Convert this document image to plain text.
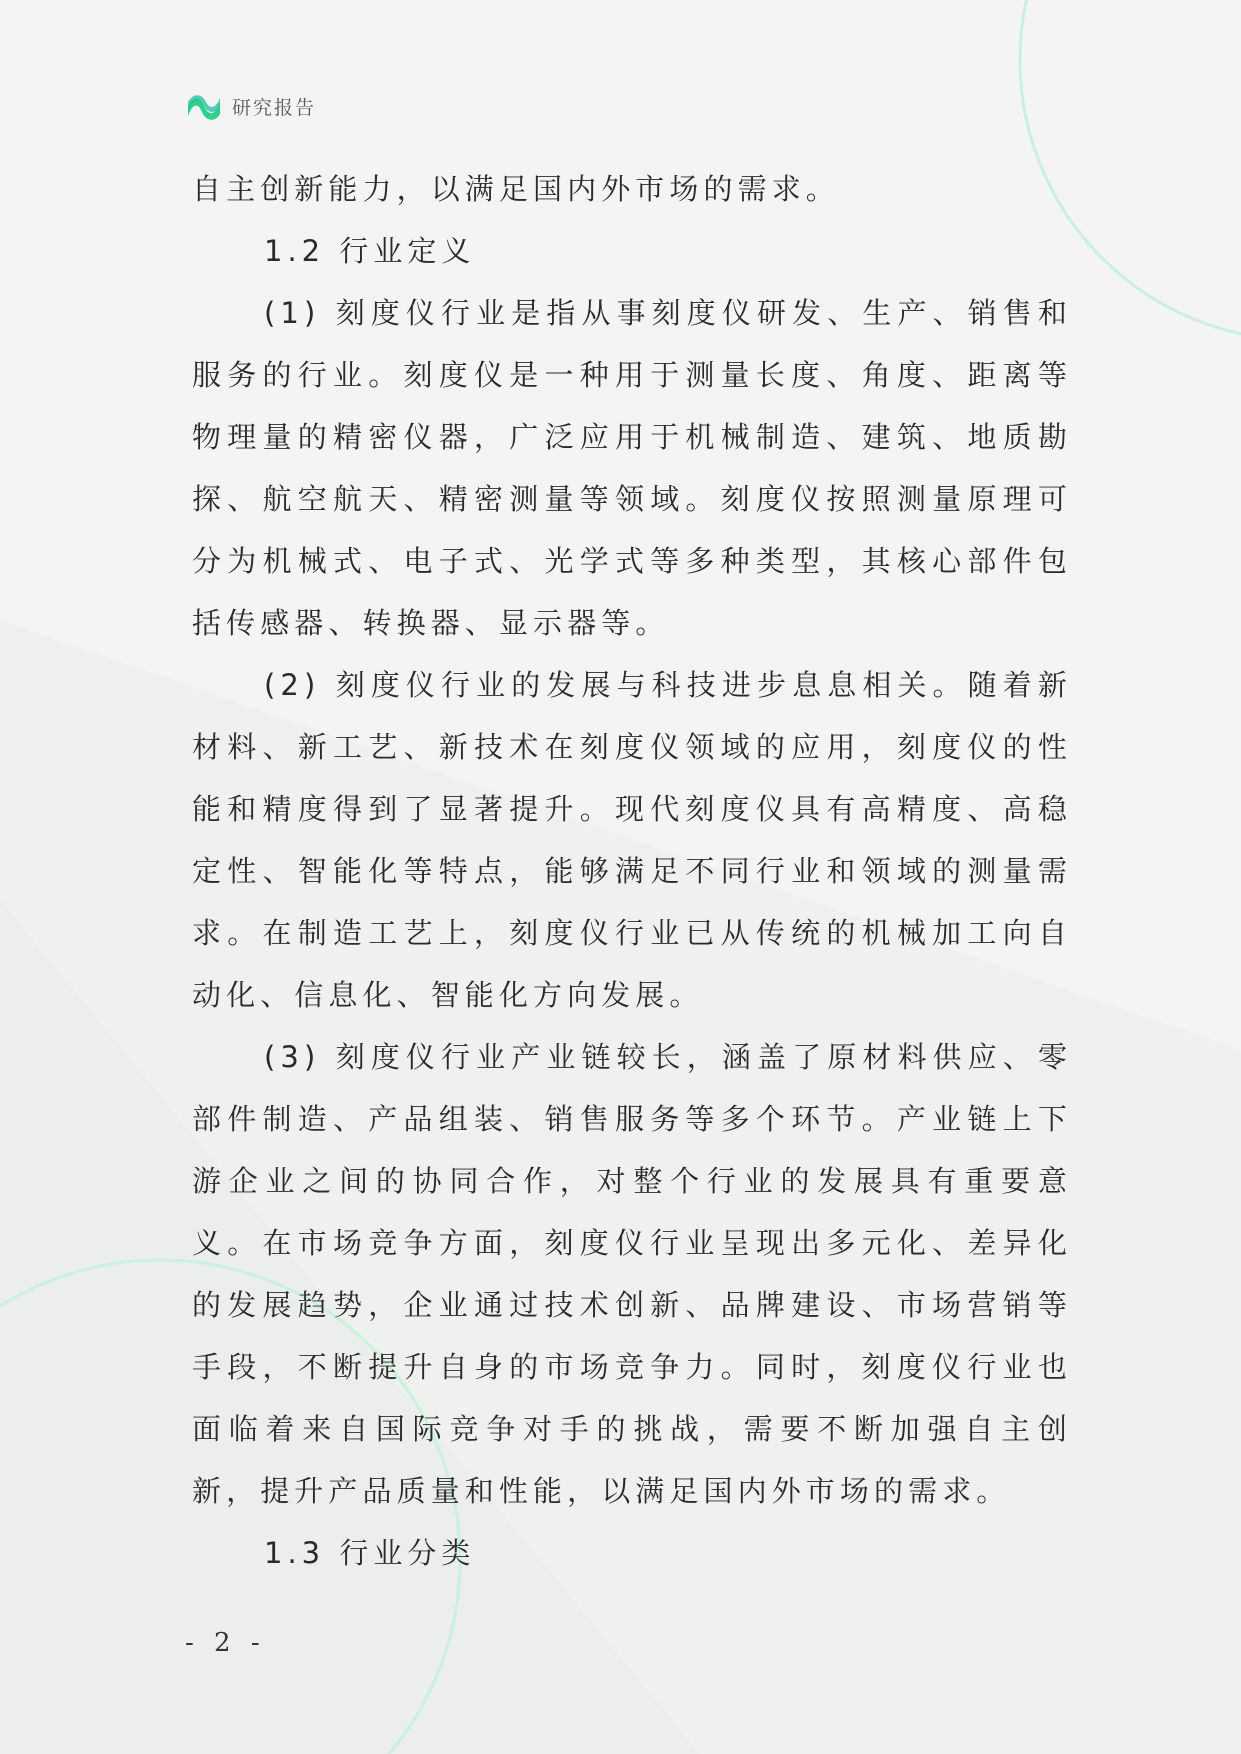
研究报告

自主创新能力，以满足国内外市场的需求。

1.2 行业定义

(1) 刻度仪行业是指从事刻度仪研发、生产、销售和服务的行业。刻度仪是一种用于测量长度、角度、距离等物理量的精密仪器，广泛应用于机械制造、建筑、地质勘探、航空航天、精密测量等领域。刻度仪按照测量原理可分为机械式、电子式、光学式等多种类型，其核心部件包括传感器、转换器、显示器等。

(2) 刻度仪行业的发展与科技进步息息相关。随着新材料、新工艺、新技术在刻度仪领域的应用，刻度仪的性能和精度得到了显著提升。现代刻度仪具有高精度、高稳定性、智能化等特点，能够满足不同行业和领域的测量需求。在制造工艺上，刻度仪行业已从传统的机械加工向自动化、信息化、智能化方向发展。

(3) 刻度仪行业产业链较长，涵盖了原材料供应、零部件制造、产品组装、销售服务等多个环节。产业链上下游企业之间的协同合作，对整个行业的发展具有重要意义。在市场竞争方面，刻度仪行业呈现出多元化、差异化的发展趋势，企业通过技术创新、品牌建设、市场营销等手段，不断提升自身的市场竞争力。同时，刻度仪行业也面临着来自国际竞争对手的挑战，需要不断加强自主创新，提升产品质量和性能，以满足国内外市场的需求。

1.3 行业分类

- 2 -
